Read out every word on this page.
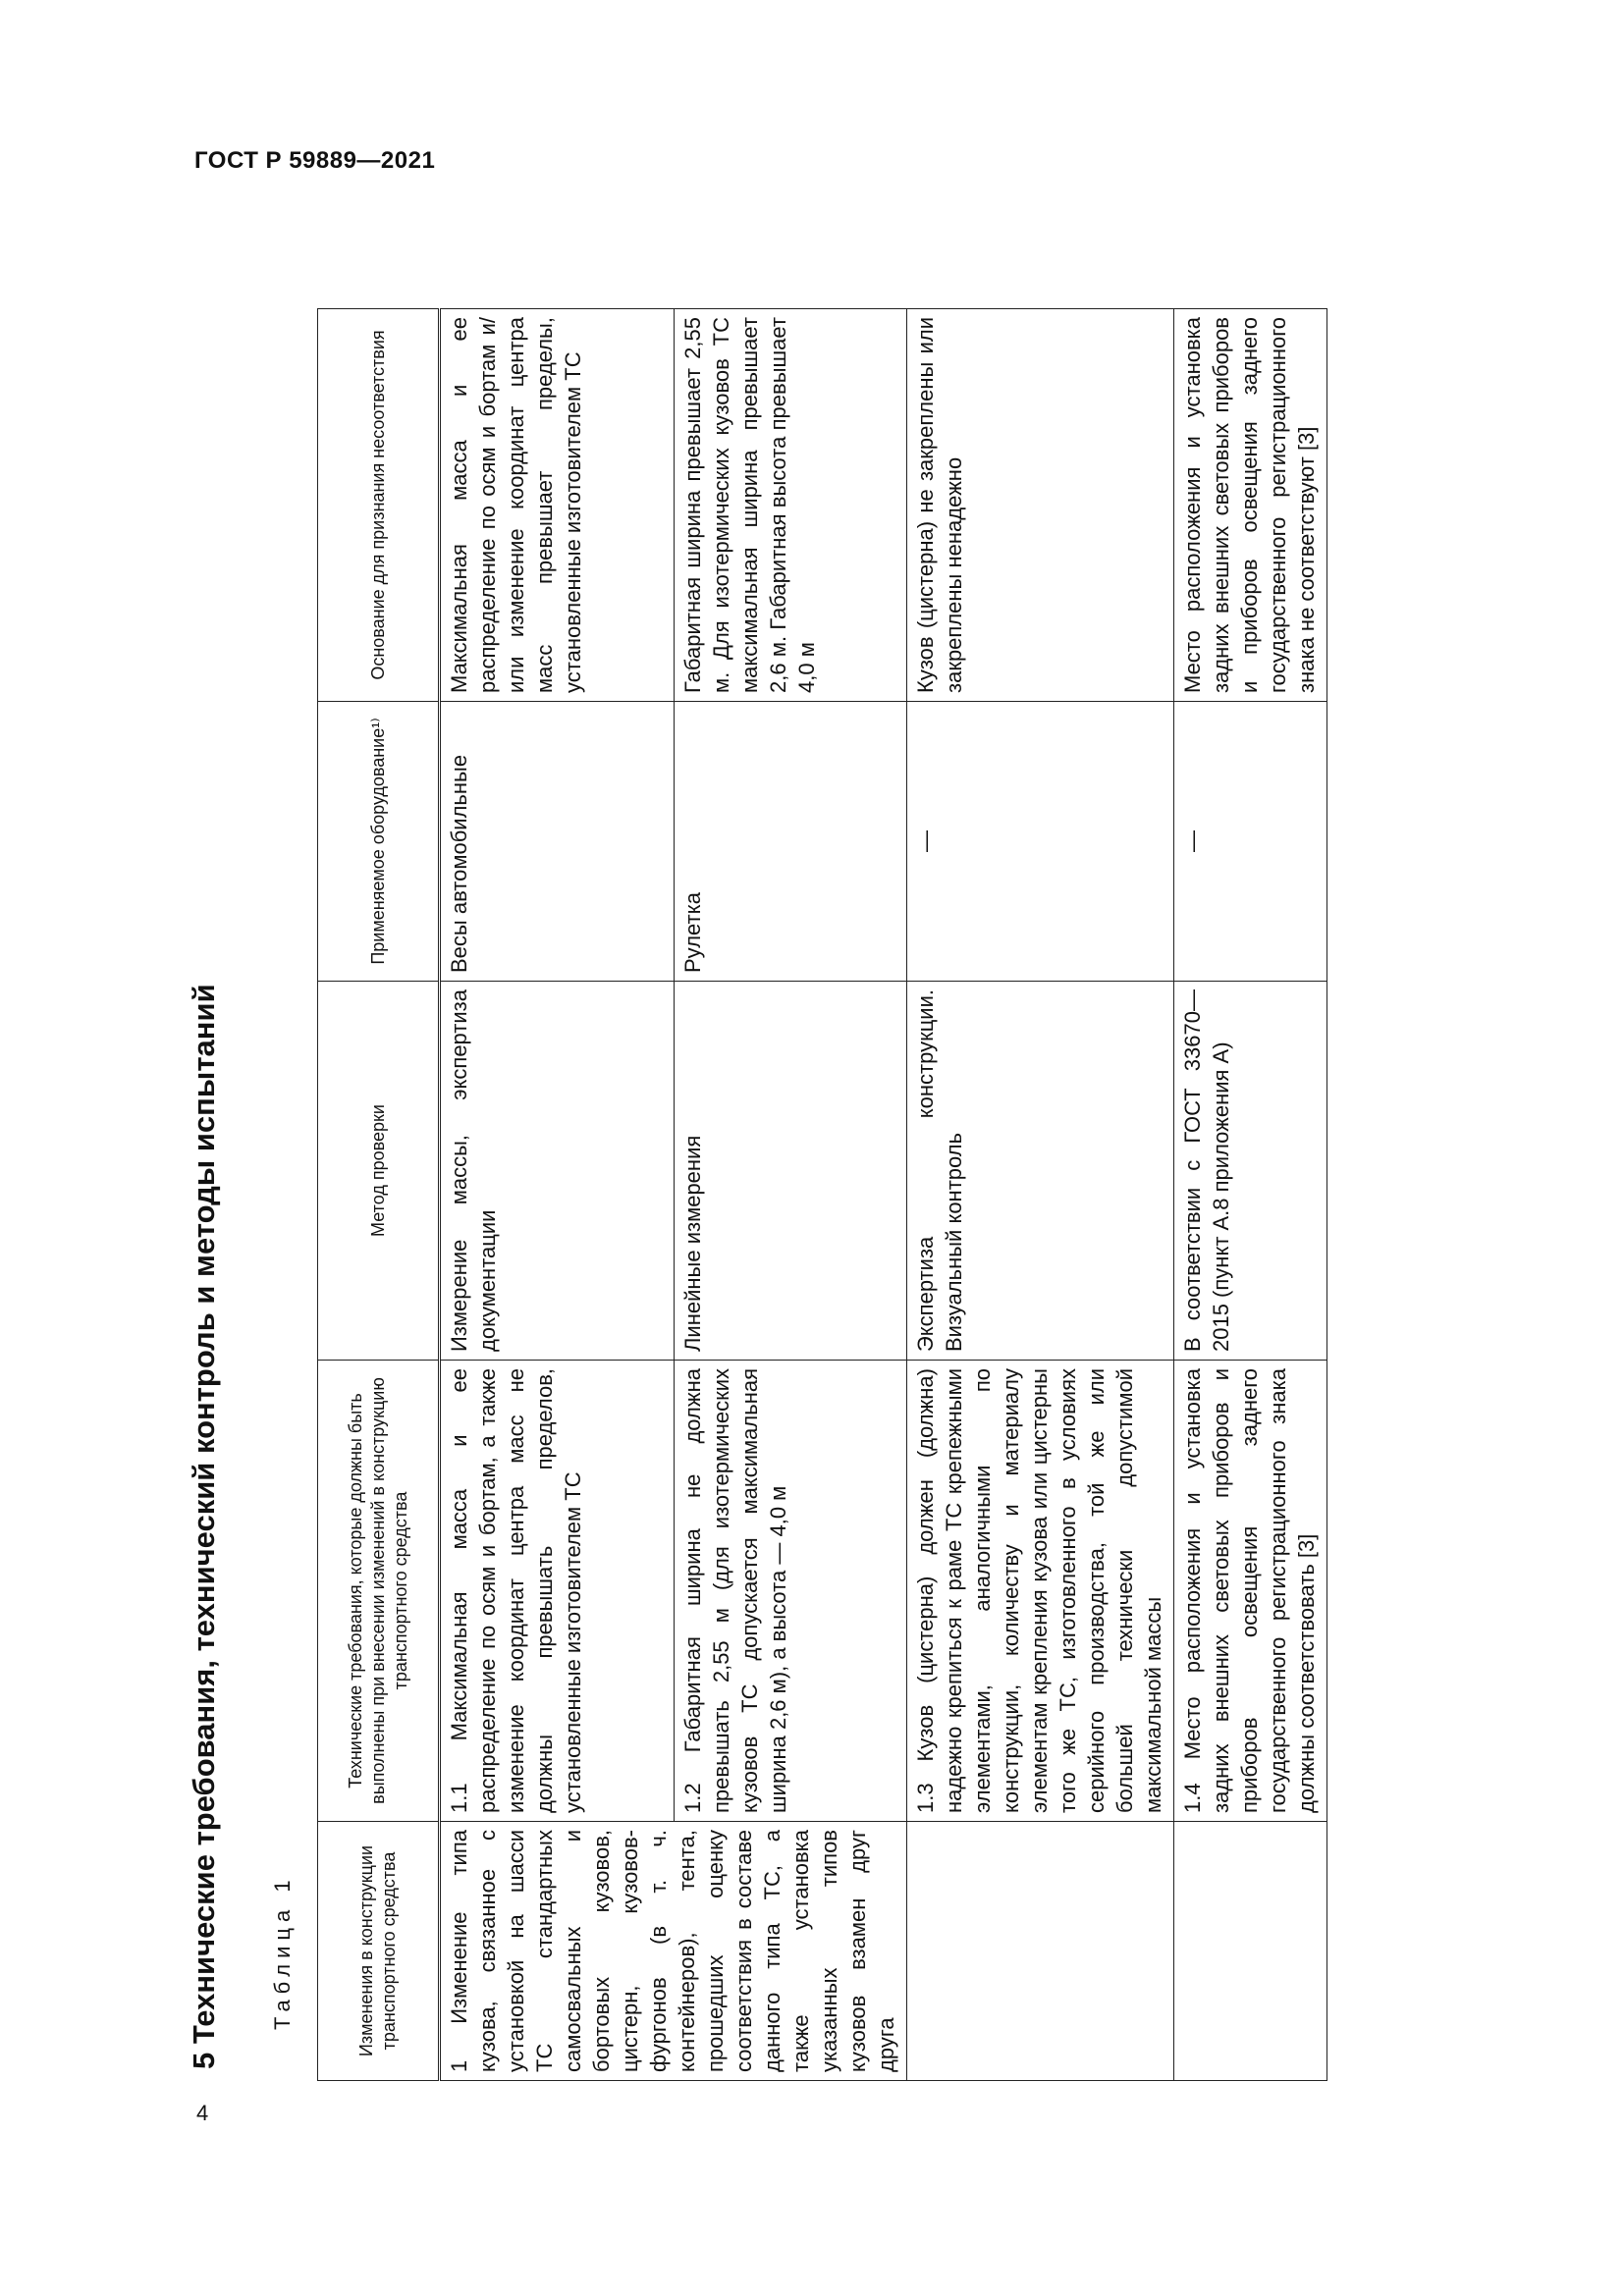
ГОСТ Р 59889—2021
4
5 Технические требования, технический контроль и методы испытаний Таблица 1	Изменения в конструкции транспортного средства	Технические требования, которые должны быть выполнены при внесении изменений в конструкцию транспортного средства	Метод проверки	Применяемое оборудование¹⁾	Основание для признания несоответствия
1 Изменение типа кузова, связанное с установкой на шасси ТС стандартных самосвальных и бортовых кузовов, цистерн, кузовов-фургонов (в т. ч. контейнеров), тента, прошедших оценку соответствия в составе данного типа ТС, а также установка указанных типов кузовов взамен друг друга	1.1 Максимальная масса и ее распределение по осям и бортам, а также изменение координат центра масс не должны превышать пределов, установленные изготовителем ТС	Измерение массы, экспертиза документации	Весы автомобильные	Максимальная масса и ее распределение по осям и бортам и/или изменение координат центра масс превышает пределы, установленные изготовителем ТС
	1.2 Габаритная ширина не должна превышать 2,55 м (для изотермических кузовов ТС допускается максимальная ширина 2,6 м), а высота — 4,0 м	Линейные измерения	Рулетка	Габаритная ширина превышает 2,55 м. Для изотермических кузовов ТС максимальная ширина превышает 2,6 м. Габаритная высота превышает 4,0 м
	1.3 Кузов (цистерна) должен (должна) надежно крепиться к раме ТС крепежными элементами, аналогичными по конструкции, количеству и материалу элементам крепления кузова или цистерны того же ТС, изготовленного в условиях серийного производства, той же или большей технически допустимой максимальной массы	Экспертиза конструкции. Визуальный контроль	—	Кузов (цистерна) не закреплены или закреплены ненадежно
	1.4 Место расположения и установка задних внешних световых приборов и приборов освещения заднего государственного регистрационного знака должны соответствовать [3]	В соответствии с ГОСТ 33670—2015 (пункт А.8 приложения А)	—	Место расположения и установка задних внешних световых приборов и приборов освещения заднего государственного регистрационного знака не соответствуют [3]
